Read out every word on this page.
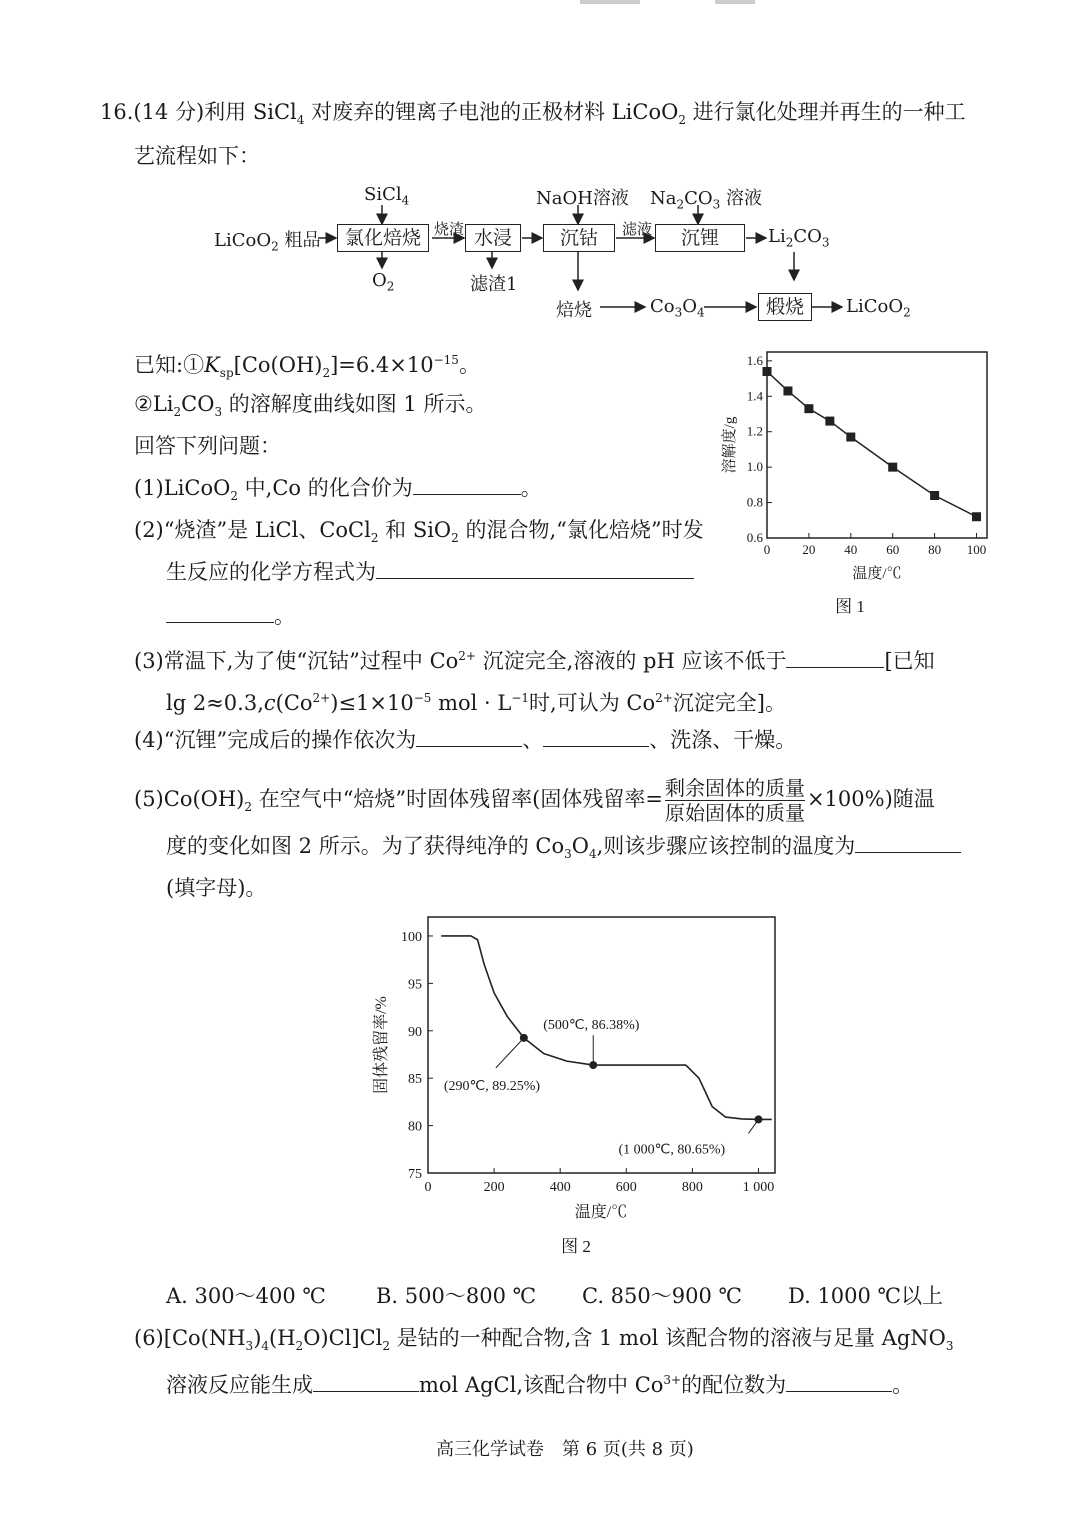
16.(14 分)利用 SiCl$_4$ 对废弃的锂离子电池的正极材料 LiCoO$_2$ 进行氯化处理并再生的一种工
艺流程如下：
SiCl$_4$	NaOH溶液 $Na_2CO_3$ 溶液
LiCoO$_2$ 粗品	氯化焙烧 烧渣 水浸	沉钴	滤液	沉锂	$Li_2CO_3$
$O_2$	滤渣1
焙烧	$Co_3O_4$	煅烧	LiCoO$_2$
已知$:①K_{sp}[Co(OH)_2]=6.4\times 10^{-15}$。
$②Li_2CO_3$ 的溶解度曲线如图 1 所示。
回答下列问题：
(1)LiCoO$_2$ 中,Co 的化合价为	。
(2)“烧渣”是 LiCl、CoCl$_2$ 和 SiO$_2$ 的混合物,“氯化焙烧”时发
生反应的化学方程式为
。
0 20 40 60 80 100
0.6
0.8
1.0
1.2
1.4
1.6
温度/℃
溶解度/g
图 1
(3)常温下,为了使“沉钴”过程中 $Co^{2+}$ 沉淀完全,溶液的 pH 应该不低于	[已知
$\lg 2\approx 0.3,c(Co^{2+})\le 1\times 10^{-5}$ mol · $L^{-1}$时,可认为 $Co^{2+}$沉淀完全]。
(4)“沉锂”完成后的操作依次为	、	、洗涤、干燥。
$(5)Co(OH)_2$ 在空气中“焙烧”时固体残留率(固体残留率= $\frac{\text{剩余固体的质量}}{\text{原始固体的质量}} \times 100\%$)随温
度的变化如图 2 所示。为了获得纯净的 $Co_3O_4$,则该步骤应该控制的温度为
(填字母)。
0	200	400	600	800	1 000
75
80
85
90
95
100
(290℃, 89.25%)
(500℃, 86.38%)
(1 000℃, 80.65%)
温度/℃
固体残留率/%
图 2
A. 300～400 ℃ B. 500～800 ℃ C. 850～900 ℃ D. 1000 ℃以上
$(6)[Co(NH_3)_4(H_2O)Cl]Cl_2$ 是钴的一种配合物,含 1 mol 该配合物的溶液与足量 AgNO$_3$
溶液反应能生成	mol AgCl,该配合物中 $Co^{3+}$的配位数为	。
高三化学试卷　第 6 页(共 8 页)
